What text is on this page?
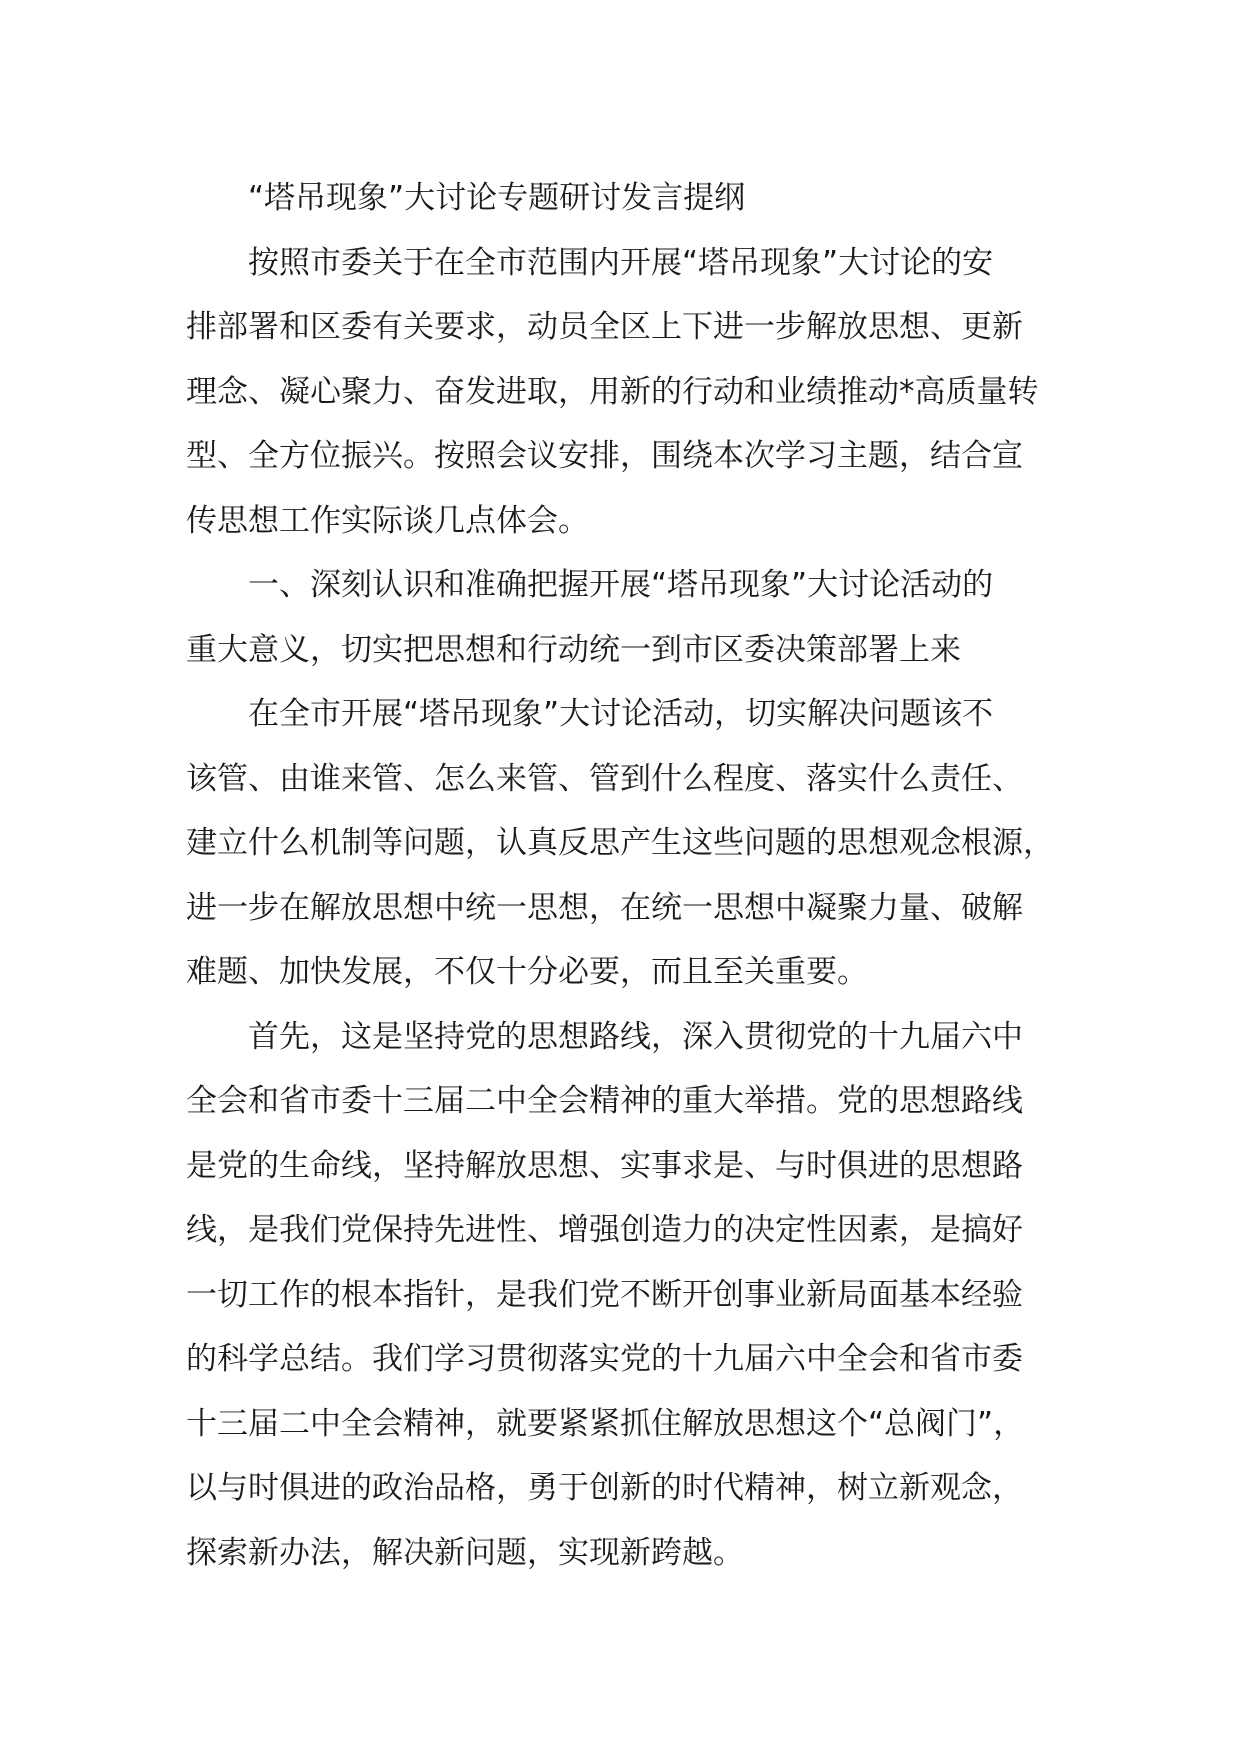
“塔吊现象”大讨论专题研讨发言提纲
按照市委关于在全市范围内开展“塔吊现象”大讨论的安
排部署和区委有关要求，动员全区上下进一步解放思想、更新
理念、凝心聚力、奋发进取，用新的行动和业绩推动*高质量转
型、全方位振兴。按照会议安排，围绕本次学习主题，结合宣
传思想工作实际谈几点体会。
一、深刻认识和准确把握开展“塔吊现象”大讨论活动的
重大意义，切实把思想和行动统一到市区委决策部署上来
在全市开展“塔吊现象”大讨论活动，切实解决问题该不
该管、由谁来管、怎么来管、管到什么程度、落实什么责任、
建立什么机制等问题，认真反思产生这些问题的思想观念根源，
进一步在解放思想中统一思想，在统一思想中凝聚力量、破解
难题、加快发展，不仅十分必要，而且至关重要。
首先，这是坚持党的思想路线，深入贯彻党的十九届六中
全会和省市委十三届二中全会精神的重大举措。党的思想路线
是党的生命线，坚持解放思想、实事求是、与时俱进的思想路
线，是我们党保持先进性、增强创造力的决定性因素，是搞好
一切工作的根本指针，是我们党不断开创事业新局面基本经验
的科学总结。我们学习贯彻落实党的十九届六中全会和省市委
十三届二中全会精神，就要紧紧抓住解放思想这个“总阀门”，
以与时俱进的政治品格，勇于创新的时代精神，树立新观念，
探索新办法，解决新问题，实现新跨越。
